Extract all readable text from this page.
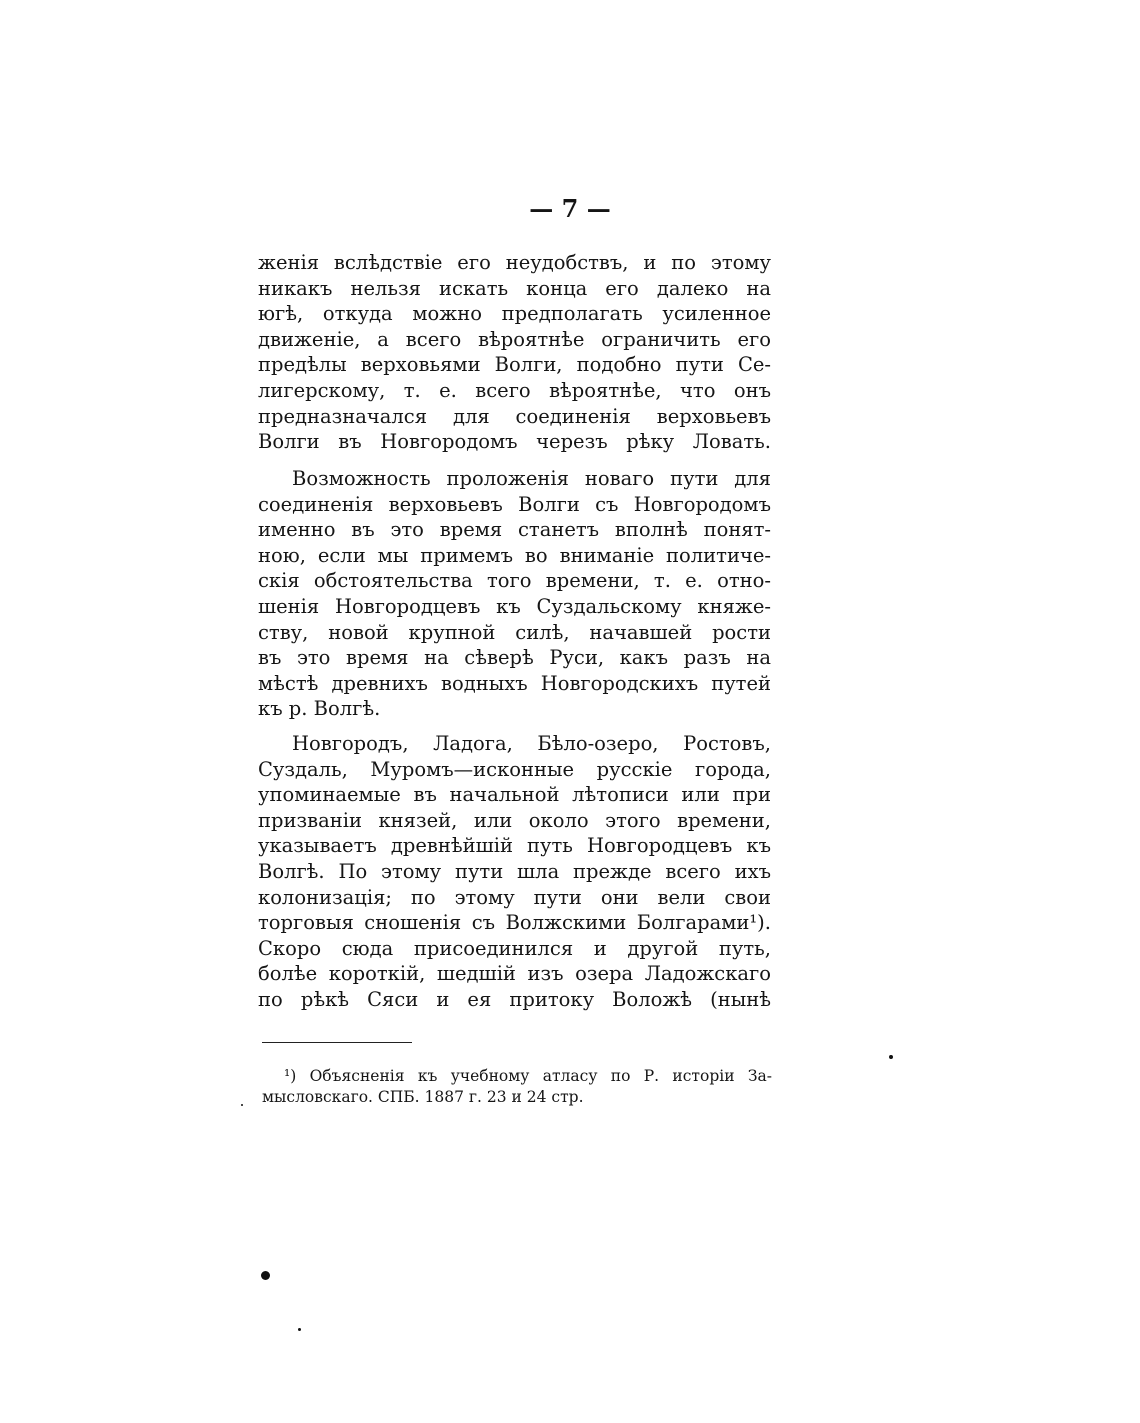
— 7 —
женія вслѣдствіе его неудобствъ, и по этому
никакъ нельзя искать конца его далеко на
югѣ, откуда можно предполагать усиленное
движеніе, а всего вѣроятнѣе ограничить его
предѣлы верховьями Волги, подобно пути Се-
лигерскому, т. е. всего вѣроятнѣе, что онъ
предназначался для соединенія верховьевъ
Волги въ Новгородомъ черезъ рѣку Ловать.
Возможность проложенія новаго пути для
соединенія верховьевъ Волги съ Новгородомъ
именно въ это время станетъ вполнѣ понят-
ною, если мы примемъ во вниманіе политиче-
скія обстоятельства того времени, т. е. отно-
шенія Новгородцевъ къ Суздальскому княже-
ству, новой крупной силѣ, начавшей рости
въ это время на сѣверѣ Руси, какъ разъ на
мѣстѣ древнихъ водныхъ Новгородскихъ путей
къ р. Волгѣ.
Новгородъ, Ладога, Бѣло-озеро, Ростовъ,
Суздаль, Муромъ—исконные русскіе города,
упоминаемые въ начальной лѣтописи или при
призваніи князей, или около этого времени,
указываетъ древнѣйшій путь Новгородцевъ къ
Волгѣ. По этому пути шла прежде всего ихъ
колонизація; по этому пути они вели свои
торговыя сношенія съ Волжскими Болгарами¹).
Скоро сюда присоединился и другой путь,
болѣе короткій, шедшій изъ озера Ладожскаго
по рѣкѣ Сяси и ея притоку Воложѣ (нынѣ
¹) Объясненія къ учебному атласу по Р. исторіи За-
мысловскаго. СПБ. 1887 г. 23 и 24 стр.
